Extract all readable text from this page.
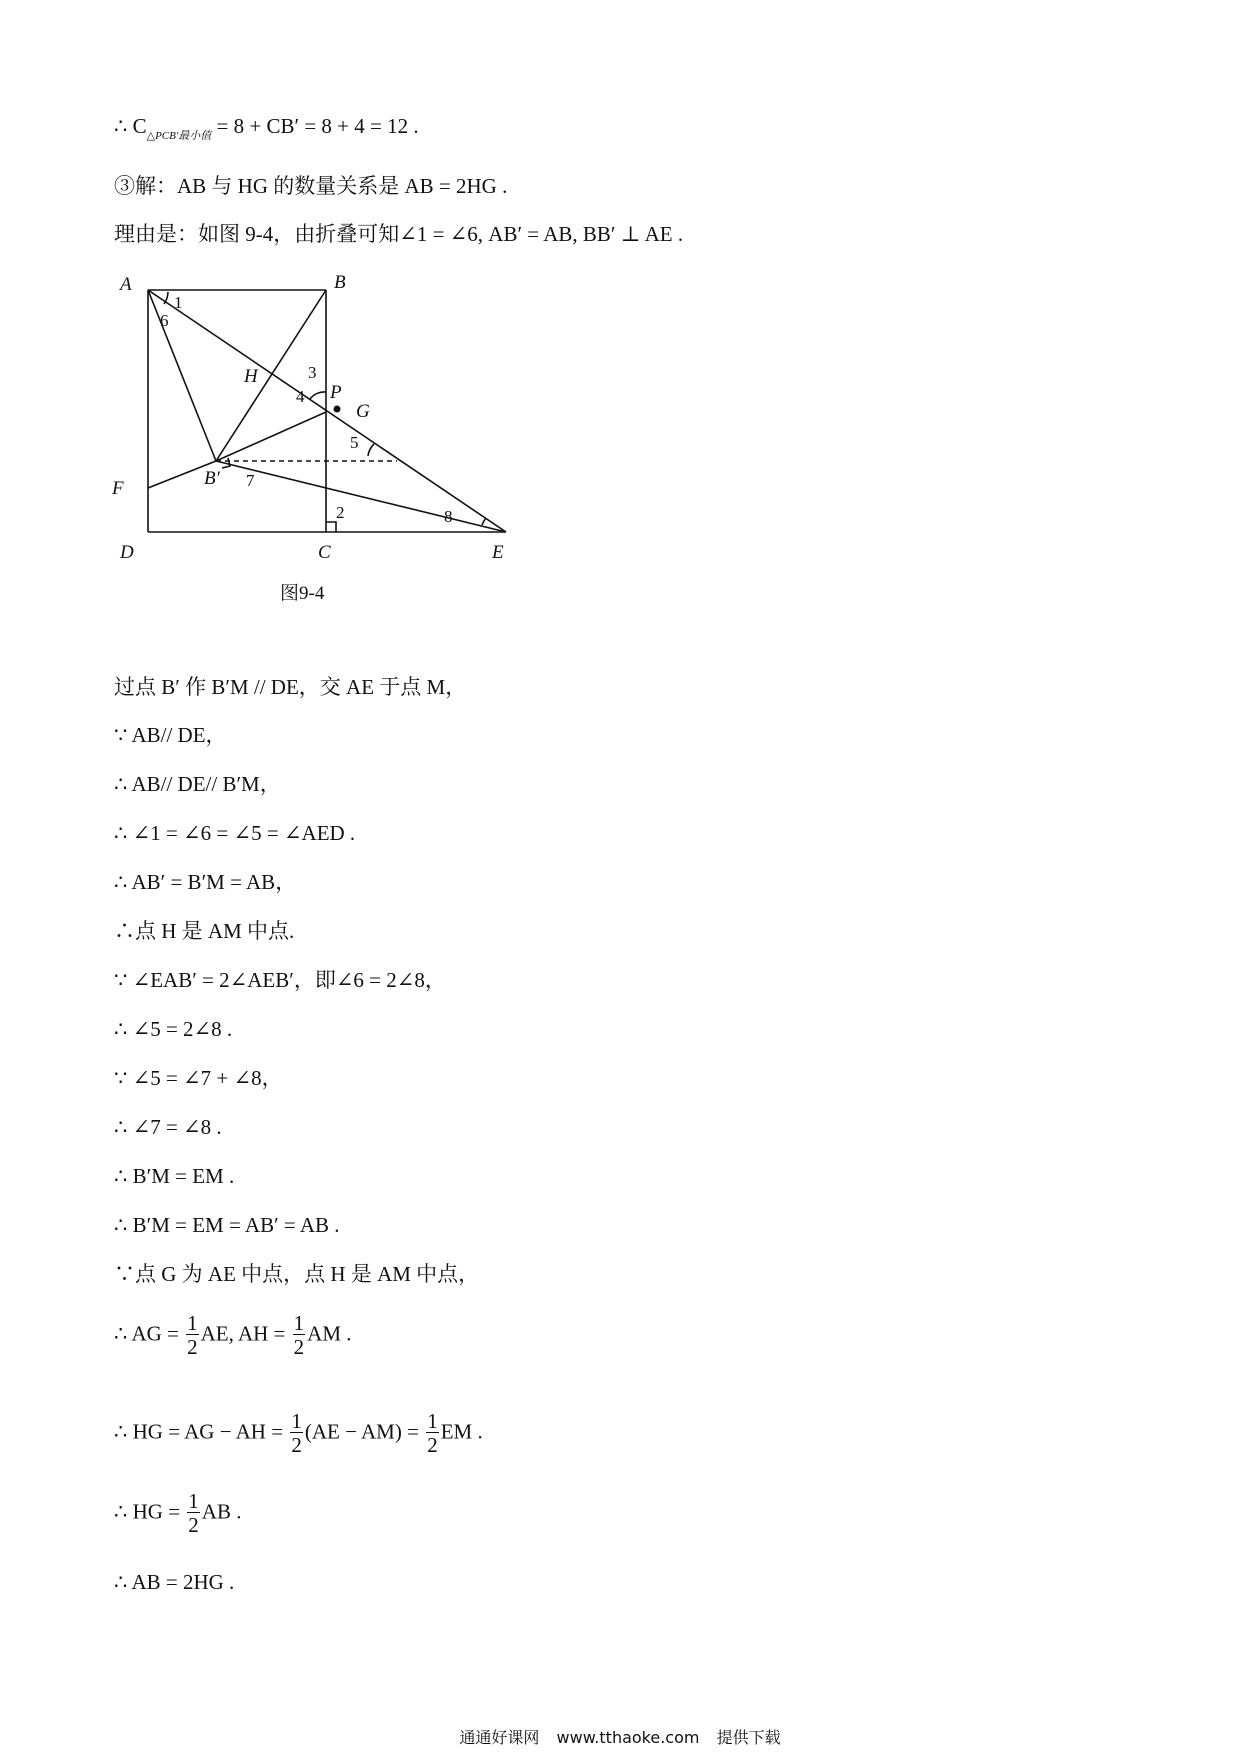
∴ $C_{\triangle PCB'最小值} = 8 + CB' = 8 + 4 = 12$ .
③解：AB 与 HG 的数量关系是 AB = 2HG .
理由是：如图 9-4，由折叠可知∠1 = ∠6, AB′ = AB, BB′ ⊥ AE .
A	B
C
D	E
F
P
G
H
B′
1
2
3
4
5
6
7
8
图9-4
过点 B′ 作 B′M // DE，交 AE 于点 M，
∵ AB// DE，
∴ AB// DE// B′M，
∴ ∠1 = ∠6 = ∠5 = ∠AED .
∴ AB′ = B′M = AB，
∴点 H 是 AM 中点.
∵ ∠EAB′ = 2∠AEB′，即∠6 = 2∠8，
∴ ∠5 = 2∠8 .
∵ ∠5 = ∠7 + ∠8，
∴ ∠7 = ∠8 .
∴ B′M = EM .
∴ B′M = EM = AB′ = AB .
∵点 G 为 AE 中点，点 H 是 AM 中点，
∴ AG = $\frac{1}{2}$ AE, AH = $\frac{1}{2}$ AM .
∴ HG = AG − AH = $\frac{1}{2} (AE - AM) = \frac{1}{2}$ EM .
∴ HG = $\frac{1}{2}$ AB .
∴ AB = 2HG .
通通好课网 www.tthaoke.com 提供下载
